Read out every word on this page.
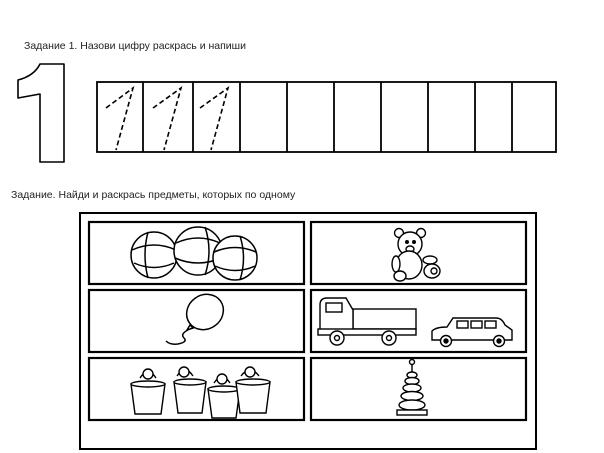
Задание 1. Назови цифру раскрась и напиши
Задание. Найди и раскрась предметы, которых по одному
